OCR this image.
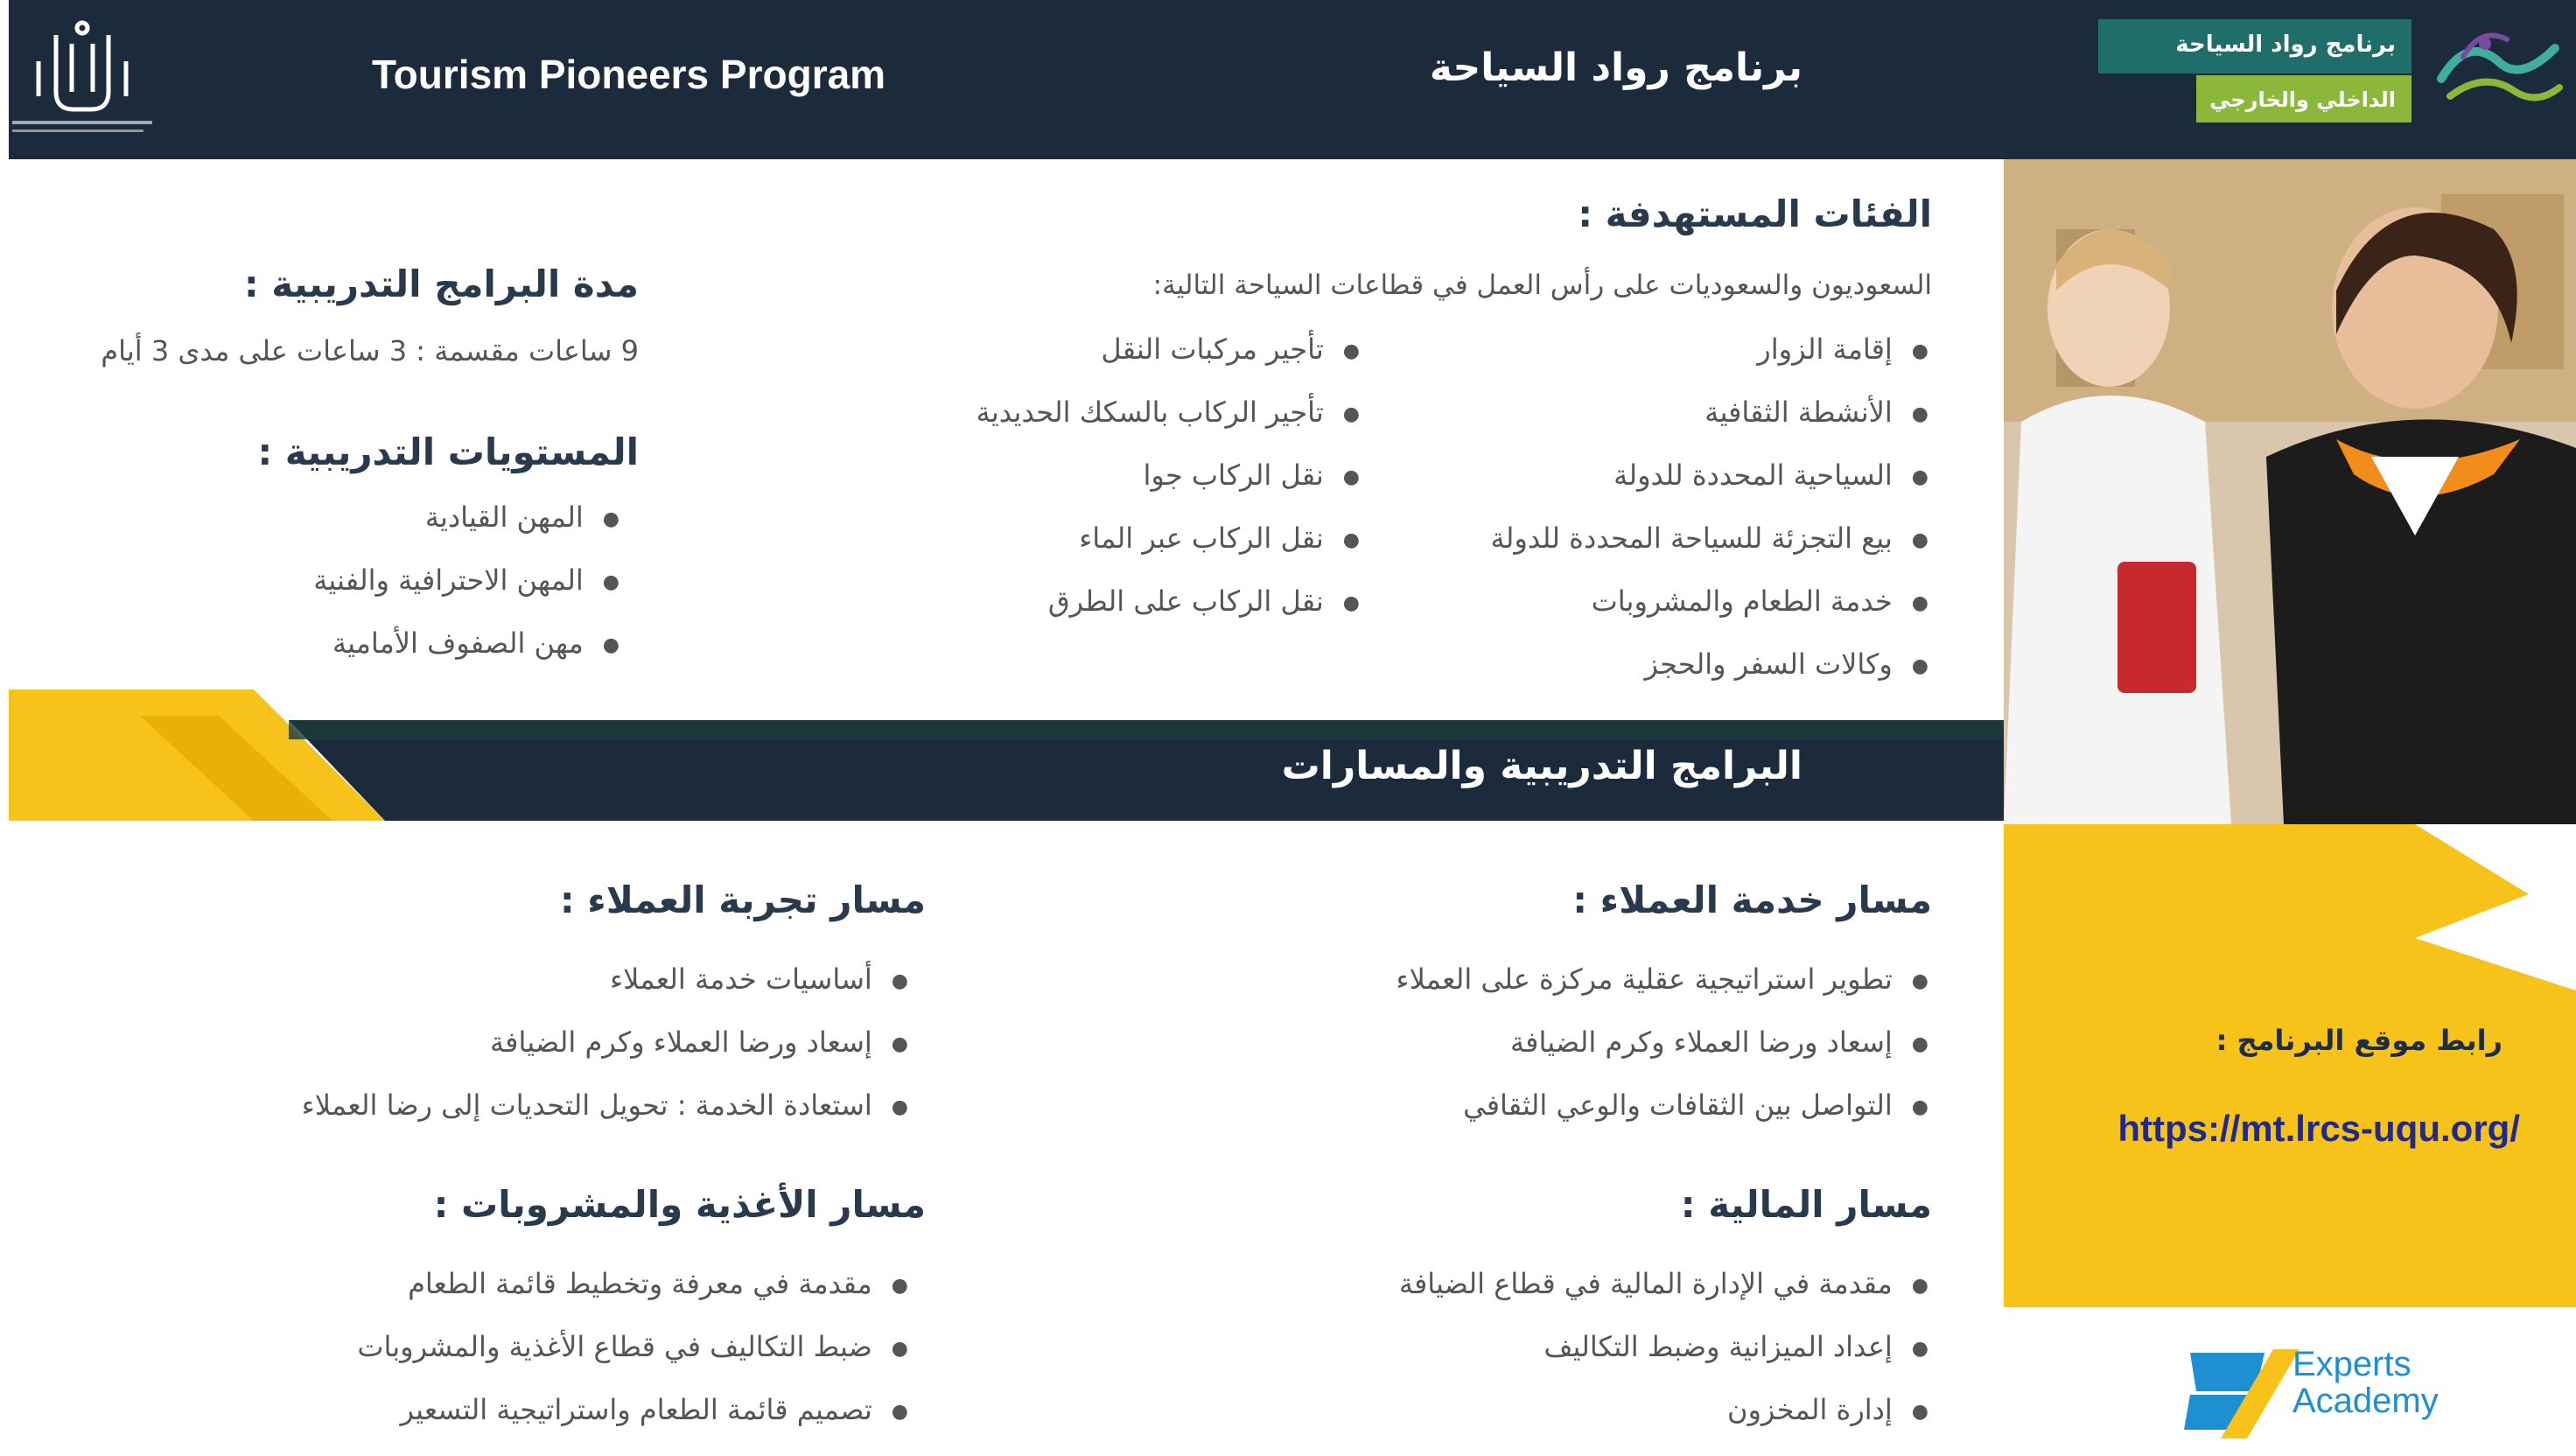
Tourism Pioneers Program	برنامج رواد السياحة
برنامج رواد السياحة
الداخلي والخارجي
رابط موقع البرنامج :
https://mt.lrcs-uqu.org/
Experts
Academy
الفئات المستهدفة :
السعوديون والسعوديات على رأس العمل في قطاعات السياحة التالية:
●إقامة الزوار
●الأنشطة الثقافية
●السياحية المحددة للدولة
●بيع التجزئة للسياحة المحددة للدولة
●خدمة الطعام والمشروبات
●وكالات السفر والحجز
●تأجير مركبات النقل
●تأجير الركاب بالسكك الحديدية
●نقل الركاب جوا
●نقل الركاب عبر الماء
●نقل الركاب على الطرق
مدة البرامج التدريبية :
9 ساعات مقسمة : 3 ساعات على مدى 3 أيام
المستويات التدريبية :
●المهن القيادية
●المهن الاحترافية والفنية
●مهن الصفوف الأمامية
البرامج التدريبية والمسارات
مسار خدمة العملاء :
●تطوير استراتيجية عقلية مركزة على العملاء
●إسعاد ورضا العملاء وكرم الضيافة
●التواصل بين الثقافات والوعي الثقافي
مسار تجربة العملاء :
●أساسيات خدمة العملاء
●إسعاد ورضا العملاء وكرم الضيافة
●استعادة الخدمة : تحويل التحديات إلى رضا العملاء
مسار المالية :
●مقدمة في الإدارة المالية في قطاع الضيافة
●إعداد الميزانية وضبط التكاليف
●إدارة المخزون
مسار الأغذية والمشروبات :
●مقدمة في معرفة وتخطيط قائمة الطعام
●ضبط التكاليف في قطاع الأغذية والمشروبات
●تصميم قائمة الطعام واستراتيجية التسعير
